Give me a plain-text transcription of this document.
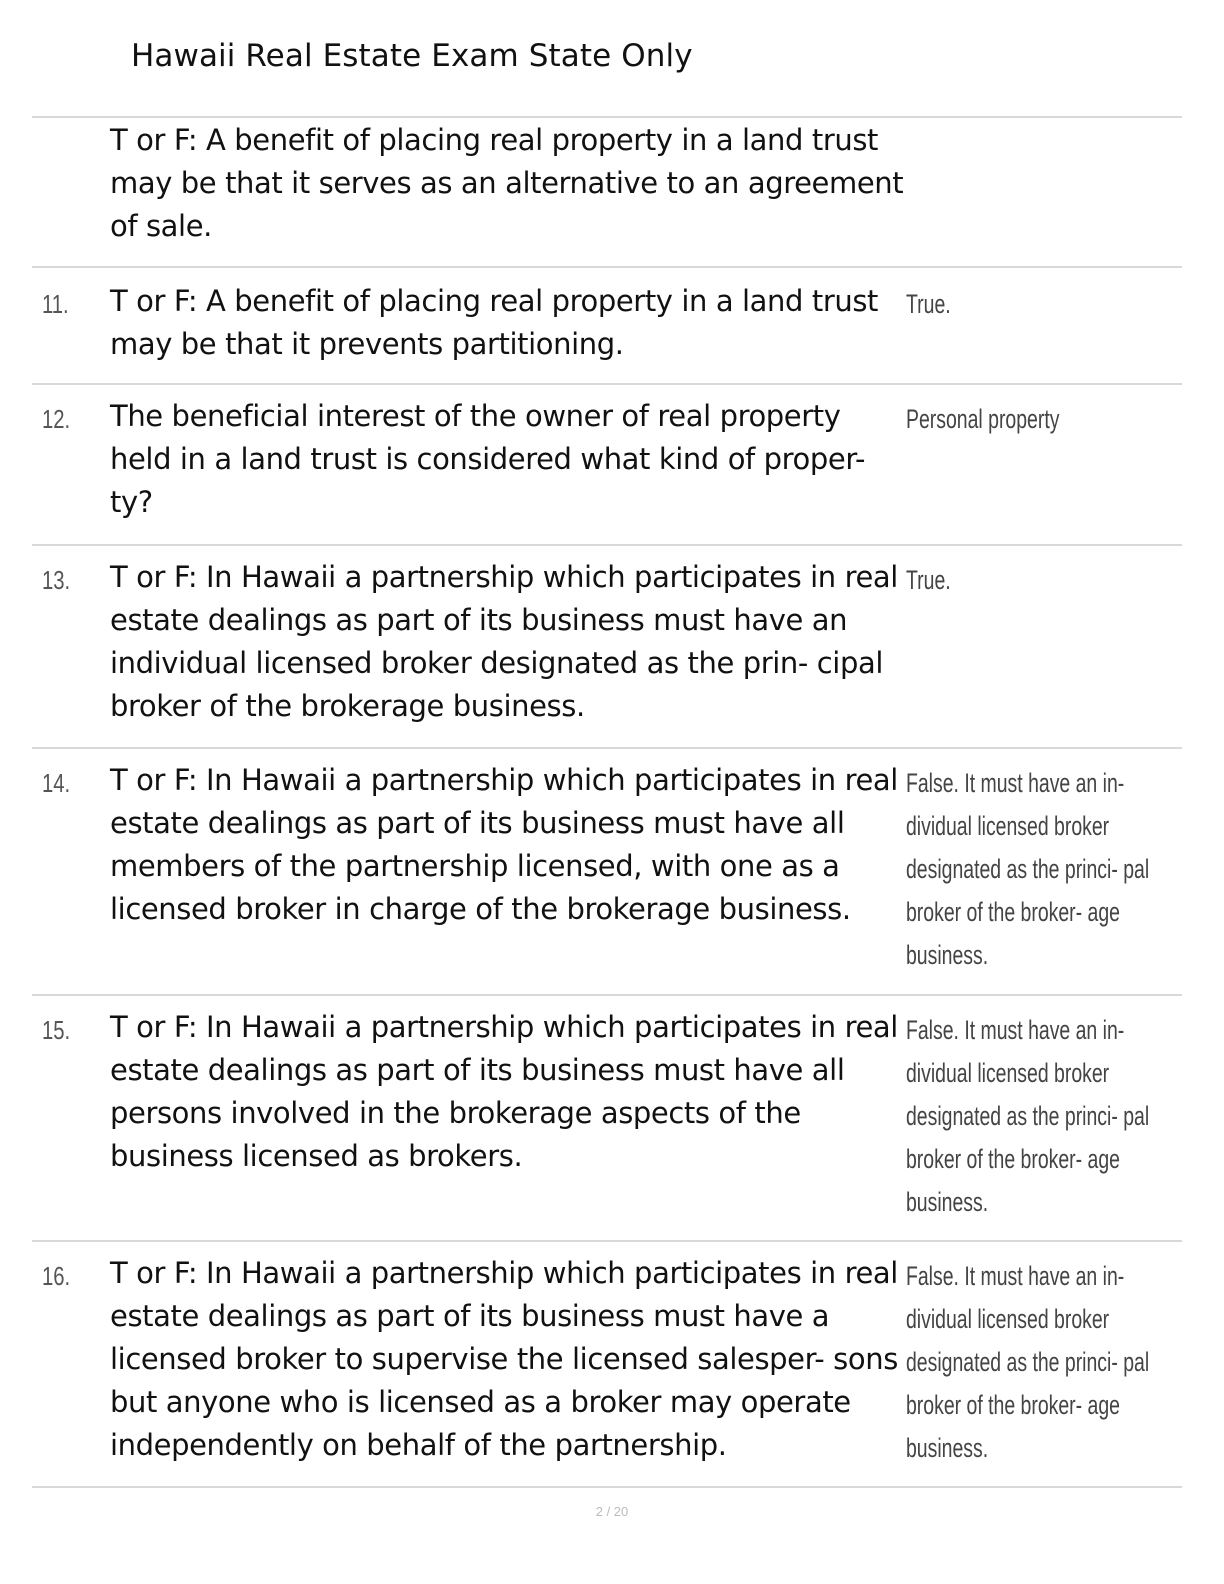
Hawaii Real Estate Exam State Only
T or F: A benefit of placing real property in a land trust may be that it serves as an alternative to an agreement of sale.
11. T or F: A benefit of placing real property in a land trust may be that it prevents partitioning.
True.
12. The beneficial interest of the owner of real property held in a land trust is considered what kind of proper- ty?
Personal property
13. T or F: In Hawaii a partnership which participates in real estate dealings as part of its business must have an individual licensed broker designated as the prin- cipal broker of the brokerage business.
True.
14. T or F: In Hawaii a partnership which participates in real estate dealings as part of its business must have all members of the partnership licensed, with one as a licensed broker in charge of the brokerage business.
False. It must have an in- dividual licensed broker designated as the princi- pal broker of the broker- age business.
15. T or F: In Hawaii a partnership which participates in real estate dealings as part of its business must have all persons involved in the brokerage aspects of the business licensed as brokers.
False. It must have an in- dividual licensed broker designated as the princi- pal broker of the broker- age business.
16. T or F: In Hawaii a partnership which participates in real estate dealings as part of its business must have a licensed broker to supervise the licensed salesper- sons but anyone who is licensed as a broker may operate independently on behalf of the partnership.
False. It must have an in- dividual licensed broker designated as the princi- pal broker of the broker- age business.
2 / 20
